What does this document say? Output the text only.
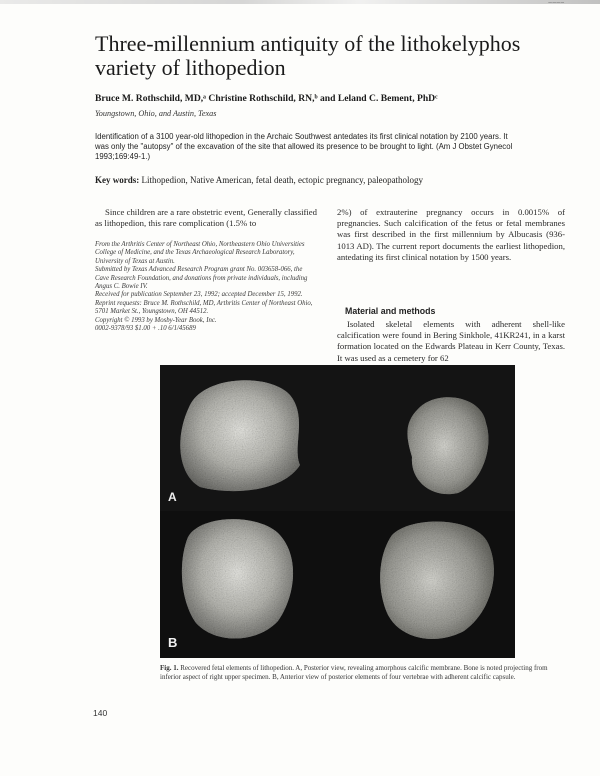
~~~~
Three-millennium antiquity of the lithokelyphos variety of lithopedion
Bruce M. Rothschild, MD,ᵃ Christine Rothschild, RN,ᵇ and Leland C. Bement, PhDᶜ
Youngstown, Ohio, and Austin, Texas
Identification of a 3100 year-old lithopedion in the Archaic Southwest antedates its first clinical notation by 2100 years. It was only the "autopsy" of the excavation of the site that allowed its presence to be brought to light. (Am J Obstet Gynecol 1993;169:49-1.)
Key words: Lithopedion, Native American, fetal death, ectopic pregnancy, paleopathology
Since children are a rare obstetric event, Generally classified as lithopedion, this rare complication (1.5% to

From the Arthritis Center of Northeast Ohio, Northeastern Ohio Universities College of Medicine, and the Texas Archaeological Research Laboratory, University of Texas at Austin.

Submitted by Texas Advanced Research Program grant No. 003658-066, the Cave Research Foundation, and donations from private individuals, including Angus C. Bowie IV.

Received for publication September 23, 1992; accepted December 15, 1992.

Reprint requests: Bruce M. Rothschild, MD, Arthritis Center of Northeast Ohio, 5701 Market St., Youngstown, OH 44512.

Copyright © 1993 by Mosby-Year Book, Inc.

0002-9378/93 $1.00 + .10 6/1/45689

2%) of extrauterine pregnancy occurs in 0.0015% of pregnancies. Such calcification of the fetus or fetal membranes was first described in the first millennium by Albucasis (936-1013 AD). The current report documents the earliest lithopedion, antedating its first clinical notation by 1500 years.
Material and methods
Isolated skeletal elements with adherent shell-like calcification were found in Bering Sinkhole, 41KR241, in a karst formation located on the Edwards Plateau in Kerr County, Texas. It was used as a cemetery for 62
A
B
Fig. 1. Recovered fetal elements of lithopedion. A, Posterior view, revealing amorphous calcific membrane. Bone is noted projecting from inferior aspect of right upper specimen. B, Anterior view of posterior elements of four vertebrae with adherent calcific capsule.
140
